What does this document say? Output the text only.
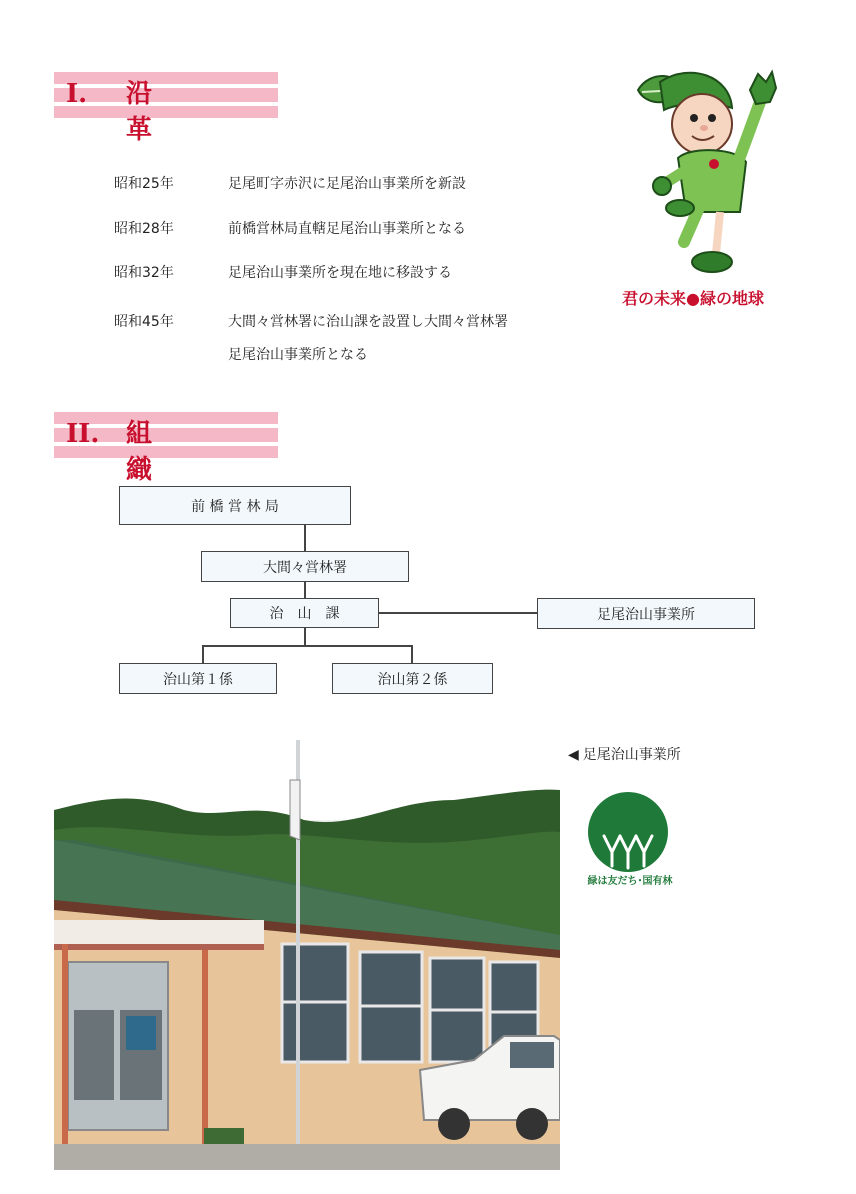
I. 沿革
昭和25年	足尾町字赤沢に足尾治山事業所を新設
昭和28年	前橋営林局直轄足尾治山事業所となる
昭和32年	足尾治山事業所を現在地に移設する
昭和45年	大間々営林署に治山課を設置し大間々営林署
足尾治山事業所となる
君の未来●緑の地球
II. 組織
前 橋 営 林 局
大間々営林署
治　山　課	足尾治山事業所
治山第１係	治山第２係
◀ 足尾治山事業所
緑は友だち･国有林
